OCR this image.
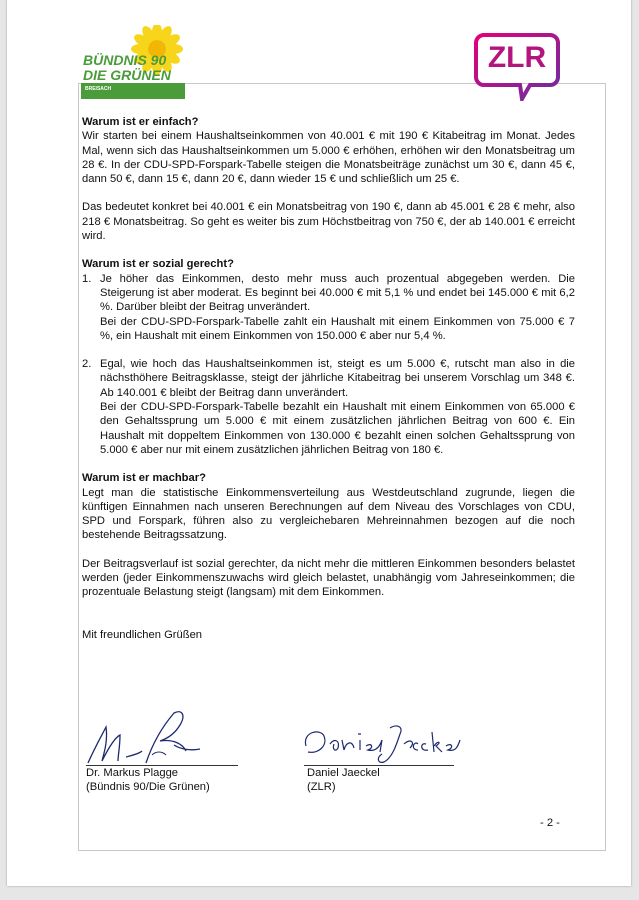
BÜNDNIS 90
DIE GRÜNEN
BREISACH
ZLR
Warum ist er einfach?

Wir starten bei einem Haushaltseinkommen von 40.001 € mit 190 € Kitabeitrag im Monat. Jedes Mal, wenn sich das Haushaltseinkommen um 5.000 € erhöhen, erhöhen wir den Monatsbeitrag um 28 €. In der CDU-SPD-Forspark-Tabelle steigen die Monatsbeiträge zunächst um 30 €, dann 45 €, dann 50 €, dann 15 €, dann 20 €, dann wieder 15 € und schließlich um 25 €.

Das bedeutet konkret bei 40.001 € ein Monatsbeitrag von 190 €, dann ab 45.001 € 28 € mehr, also 218 € Monatsbeitrag. So geht es weiter bis zum Höchstbeitrag von 750 €, der ab 140.001 € erreicht wird.

Warum ist er sozial gerecht?
1. Je höher das Einkommen, desto mehr muss auch prozentual abgegeben werden. Die Steigerung ist aber moderat. Es beginnt bei 40.000 € mit 5,1 % und endet bei 145.000 € mit 6,2 %. Darüber bleibt der Beitrag unverändert.

Bei der CDU-SPD-Forspark-Tabelle zahlt ein Haushalt mit einem Einkommen von 75.000 € 7 %, ein Haushalt mit einem Einkommen von 150.000 € aber nur 5,4 %.

2. Egal, wie hoch das Haushaltseinkommen ist, steigt es um 5.000 €, rutscht man also in die nächsthöhere Beitragsklasse, steigt der jährliche Kitabeitrag bei unserem Vorschlag um 348 €. Ab 140.001 € bleibt der Beitrag dann unverändert.

Bei der CDU-SPD-Forspark-Tabelle bezahlt ein Haushalt mit einem Einkommen von 65.000 € den Gehaltssprung um 5.000 € mit einem zusätzlichen jährlichen Beitrag von 600 €. Ein Haushalt mit doppeltem Einkommen von 130.000 € bezahlt einen solchen Gehaltssprung von 5.000 € aber nur mit einem zusätzlichen jährlichen Beitrag von 180 €.

Warum ist er machbar?

Legt man die statistische Einkommensverteilung aus Westdeutschland zugrunde, liegen die künftigen Einnahmen nach unseren Berechnungen auf dem Niveau des Vorschlages von CDU, SPD und Forspark, führen also zu vergleichebaren Mehreinnahmen bezogen auf die noch bestehende Beitragssatzung.

Der Beitragsverlauf ist sozial gerechter, da nicht mehr die mittleren Einkommen besonders belastet werden (jeder Einkommenszuwachs wird gleich belastet, unabhängig vom Jahreseinkommen; die prozentuale Belastung steigt (langsam) mit dem Einkommen.

Mit freundlichen Grüßen

Dr. Markus Plagge
(Bündnis 90/Die Grünen)
Daniel Jaeckel
(ZLR)
- 2 -
